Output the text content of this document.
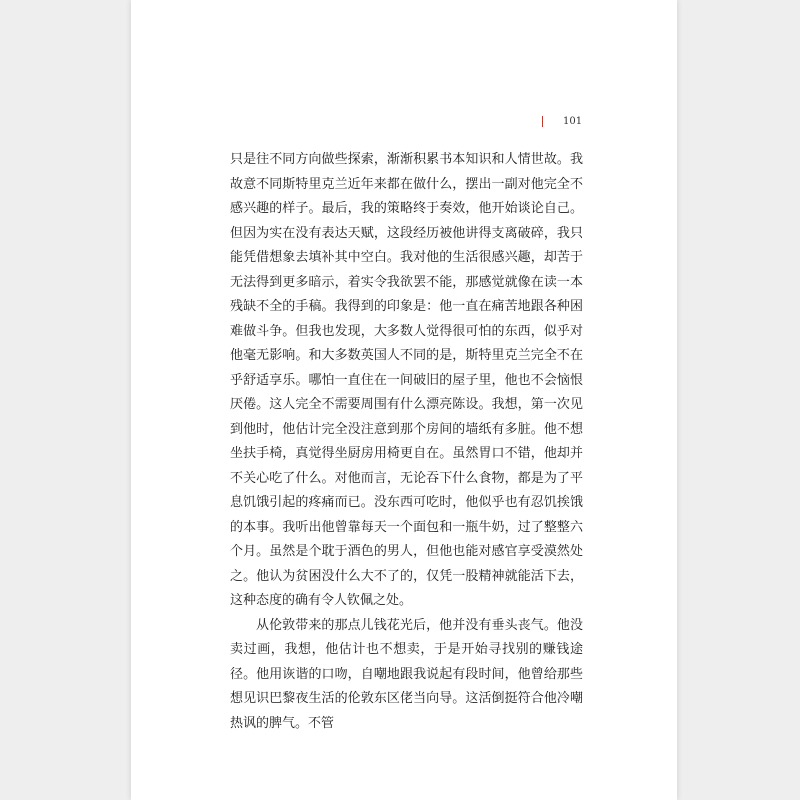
101

只是往不同方向做些探索，渐渐积累书本知识和人情世故。我故意不同斯特里克兰近年来都在做什么，摆出一副对他完全不感兴趣的样子。最后，我的策略终于奏效，他开始谈论自己。但因为实在没有表达天赋，这段经历被他讲得支离破碎，我只能凭借想象去填补其中空白。我对他的生活很感兴趣，却苦于无法得到更多暗示，着实令我欲罢不能，那感觉就像在读一本残缺不全的手稿。我得到的印象是：他一直在痛苦地跟各种困难做斗争。但我也发现，大多数人觉得很可怕的东西，似乎对他毫无影响。和大多数英国人不同的是，斯特里克兰完全不在乎舒适享乐。哪怕一直住在一间破旧的屋子里，他也不会恼恨厌倦。这人完全不需要周围有什么漂亮陈设。我想，第一次见到他时，他估计完全没注意到那个房间的墙纸有多脏。他不想坐扶手椅，真觉得坐厨房用椅更自在。虽然胃口不错，他却并不关心吃了什么。对他而言，无论吞下什么食物，都是为了平息饥饿引起的疼痛而已。没东西可吃时，他似乎也有忍饥挨饿的本事。我听出他曾靠每天一个面包和一瓶牛奶，过了整整六个月。虽然是个耽于酒色的男人，但他也能对感官享受漠然处之。他认为贫困没什么大不了的，仅凭一股精神就能活下去，这种态度的确有令人钦佩之处。

从伦敦带来的那点儿钱花光后，他并没有垂头丧气。他没卖过画，我想，他估计也不想卖，于是开始寻找别的赚钱途径。他用诙谐的口吻，自嘲地跟我说起有段时间，他曾给那些想见识巴黎夜生活的伦敦东区佬当向导。这活倒挺符合他冷嘲热讽的脾气。不管
